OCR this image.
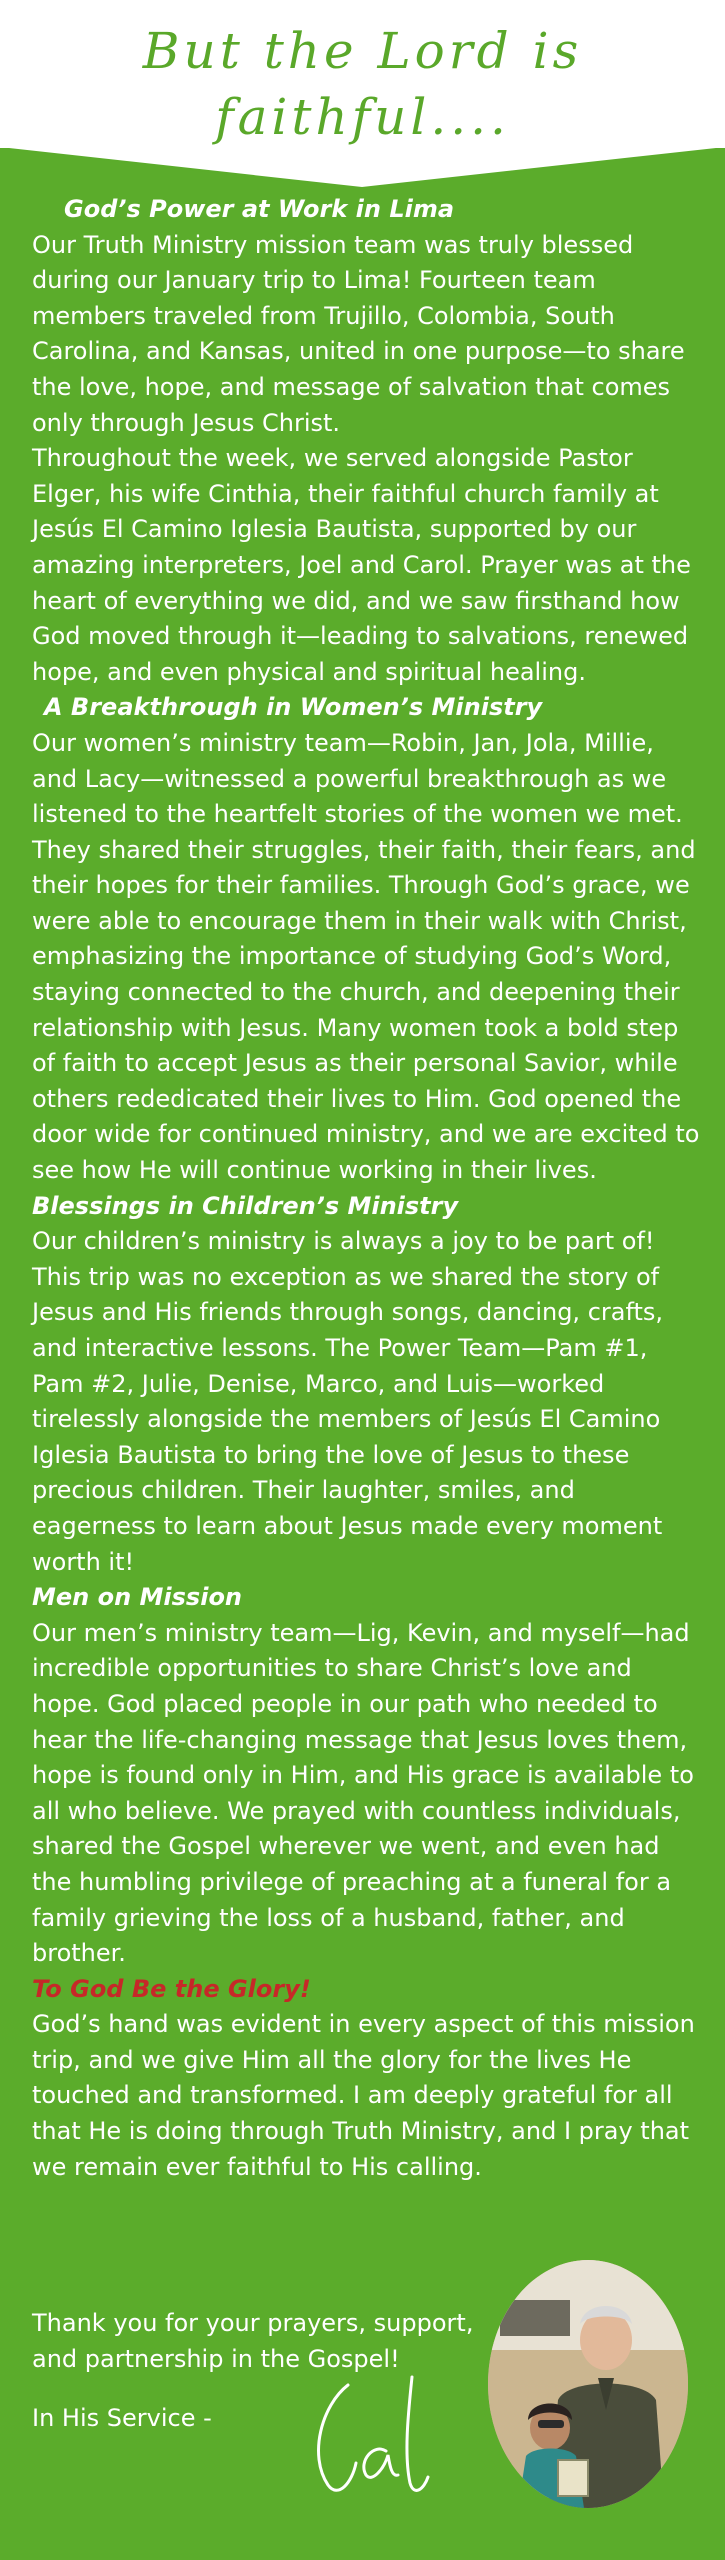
But the Lord is
faithful....

God’s Power at Work in Lima

Our Truth Ministry mission team was truly blessed during our January trip to Lima! Fourteen team members traveled from Trujillo, Colombia, South Carolina, and Kansas, united in one purpose—to share the love, hope, and message of salvation that comes only through Jesus Christ.

Throughout the week, we served alongside Pastor Elger, his wife Cinthia, their faithful church family at Jesús El Camino Iglesia Bautista, supported by our amazing interpreters, Joel and Carol. Prayer was at the heart of everything we did, and we saw firsthand how God moved through it—leading to salvations, renewed hope, and even physical and spiritual healing.

A Breakthrough in Women’s Ministry

Our women’s ministry team—Robin, Jan, Jola, Millie, and Lacy—witnessed a powerful breakthrough as we listened to the heartfelt stories of the women we met. They shared their struggles, their faith, their fears, and their hopes for their families. Through God’s grace, we were able to encourage them in their walk with Christ, emphasizing the importance of studying God’s Word, staying connected to the church, and deepening their relationship with Jesus. Many women took a bold step of faith to accept Jesus as their personal Savior, while others rededicated their lives to Him. God opened the door wide for continued ministry, and we are excited to see how He will continue working in their lives.

Blessings in Children’s Ministry

Our children’s ministry is always a joy to be part of! This trip was no exception as we shared the story of Jesus and His friends through songs, dancing, crafts, and interactive lessons. The Power Team—Pam #1, Pam #2, Julie, Denise, Marco, and Luis—worked tirelessly alongside the members of Jesús El Camino Iglesia Bautista to bring the love of Jesus to these precious children. Their laughter, smiles, and eagerness to learn about Jesus made every moment worth it!

Men on Mission

Our men’s ministry team—Lig, Kevin, and myself—had incredible opportunities to share Christ’s love and hope. God placed people in our path who needed to hear the life-changing message that Jesus loves them, hope is found only in Him, and His grace is available to all who believe. We prayed with countless individuals, shared the Gospel wherever we went, and even had the humbling privilege of preaching at a funeral for a family grieving the loss of a husband, father, and brother.

To God Be the Glory!

God’s hand was evident in every aspect of this mission trip, and we give Him all the glory for the lives He touched and transformed. I am deeply grateful for all that He is doing through Truth Ministry, and I pray that we remain ever faithful to His calling.

Thank you for your prayers, support, and partnership in the Gospel!

In His Service -
